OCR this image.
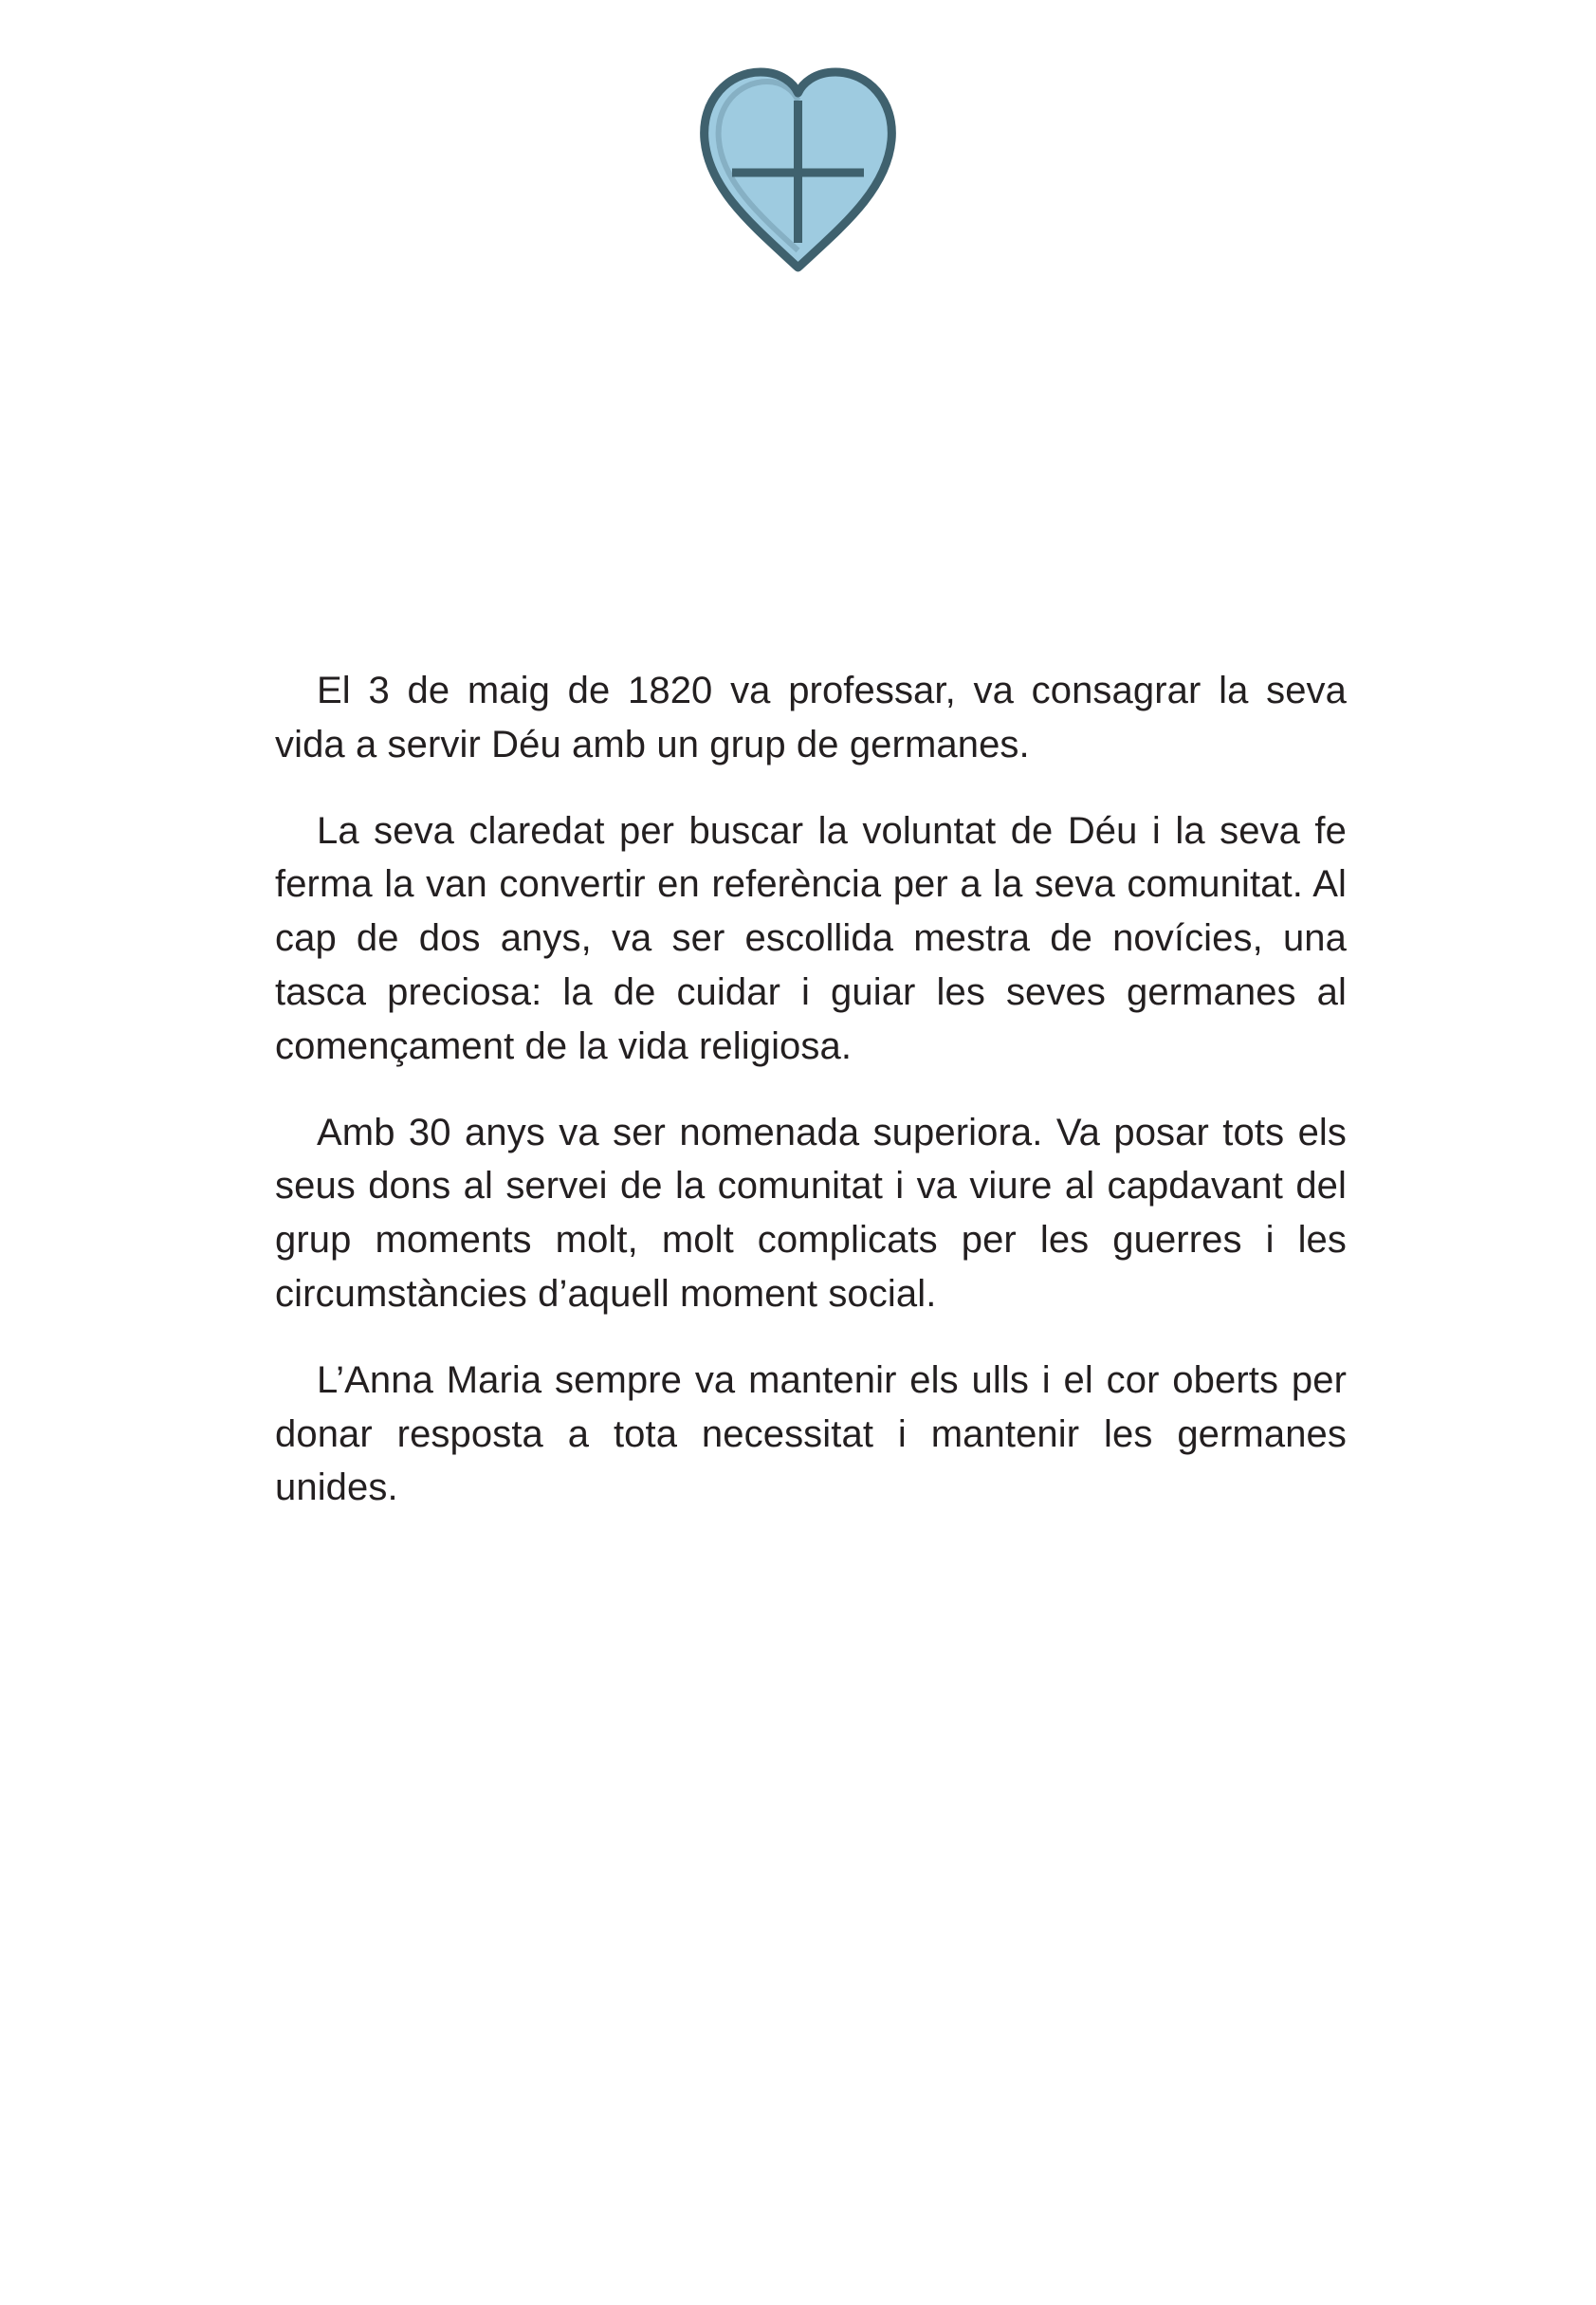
El 3 de maig de 1820 va professar, va consagrar la seva vida a servir Déu amb un grup de germanes.

La seva claredat per buscar la voluntat de Déu i la seva fe ferma la van convertir en referència per a la seva comunitat. Al cap de dos anys, va ser escollida mestra de novícies, una tasca preciosa: la de cuidar i guiar les seves germanes al començament de la vida religiosa.

Amb 30 anys va ser nomenada superiora. Va posar tots els seus dons al servei de la comunitat i va viure al capdavant del grup moments molt, molt complicats per les guerres i les circumstàncies d’aquell moment social.

L’Anna Maria sempre va mantenir els ulls i el cor oberts per donar resposta a tota necessitat i mantenir les germanes unides.
